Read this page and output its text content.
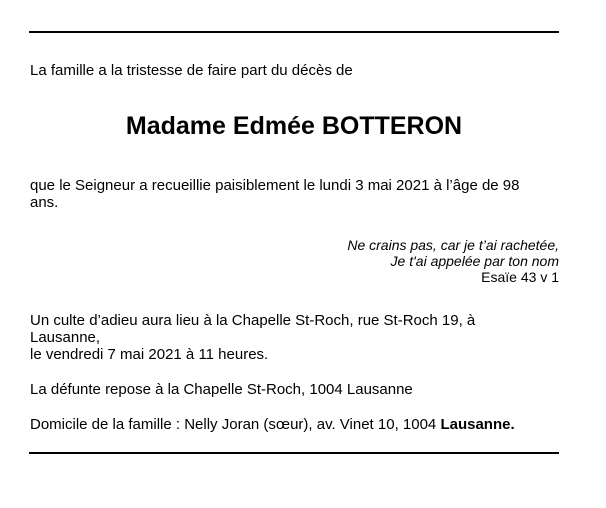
La famille a la tristesse de faire part du décès de
Madame Edmée BOTTERON
que le Seigneur a recueillie paisiblement le lundi 3 mai 2021 à l’âge de 98 ans.
Ne crains pas, car je t’ai rachetée,
Je t'ai appelée par ton nom
Esaïe 43 v 1
Un culte d’adieu aura lieu à la Chapelle St-Roch, rue St-Roch 19, à Lausanne,
le vendredi 7 mai 2021 à 11 heures.
La défunte repose à la Chapelle St-Roch, 1004 Lausanne
Domicile de la famille : Nelly Joran (sœur), av. Vinet 10, 1004 Lausanne.
